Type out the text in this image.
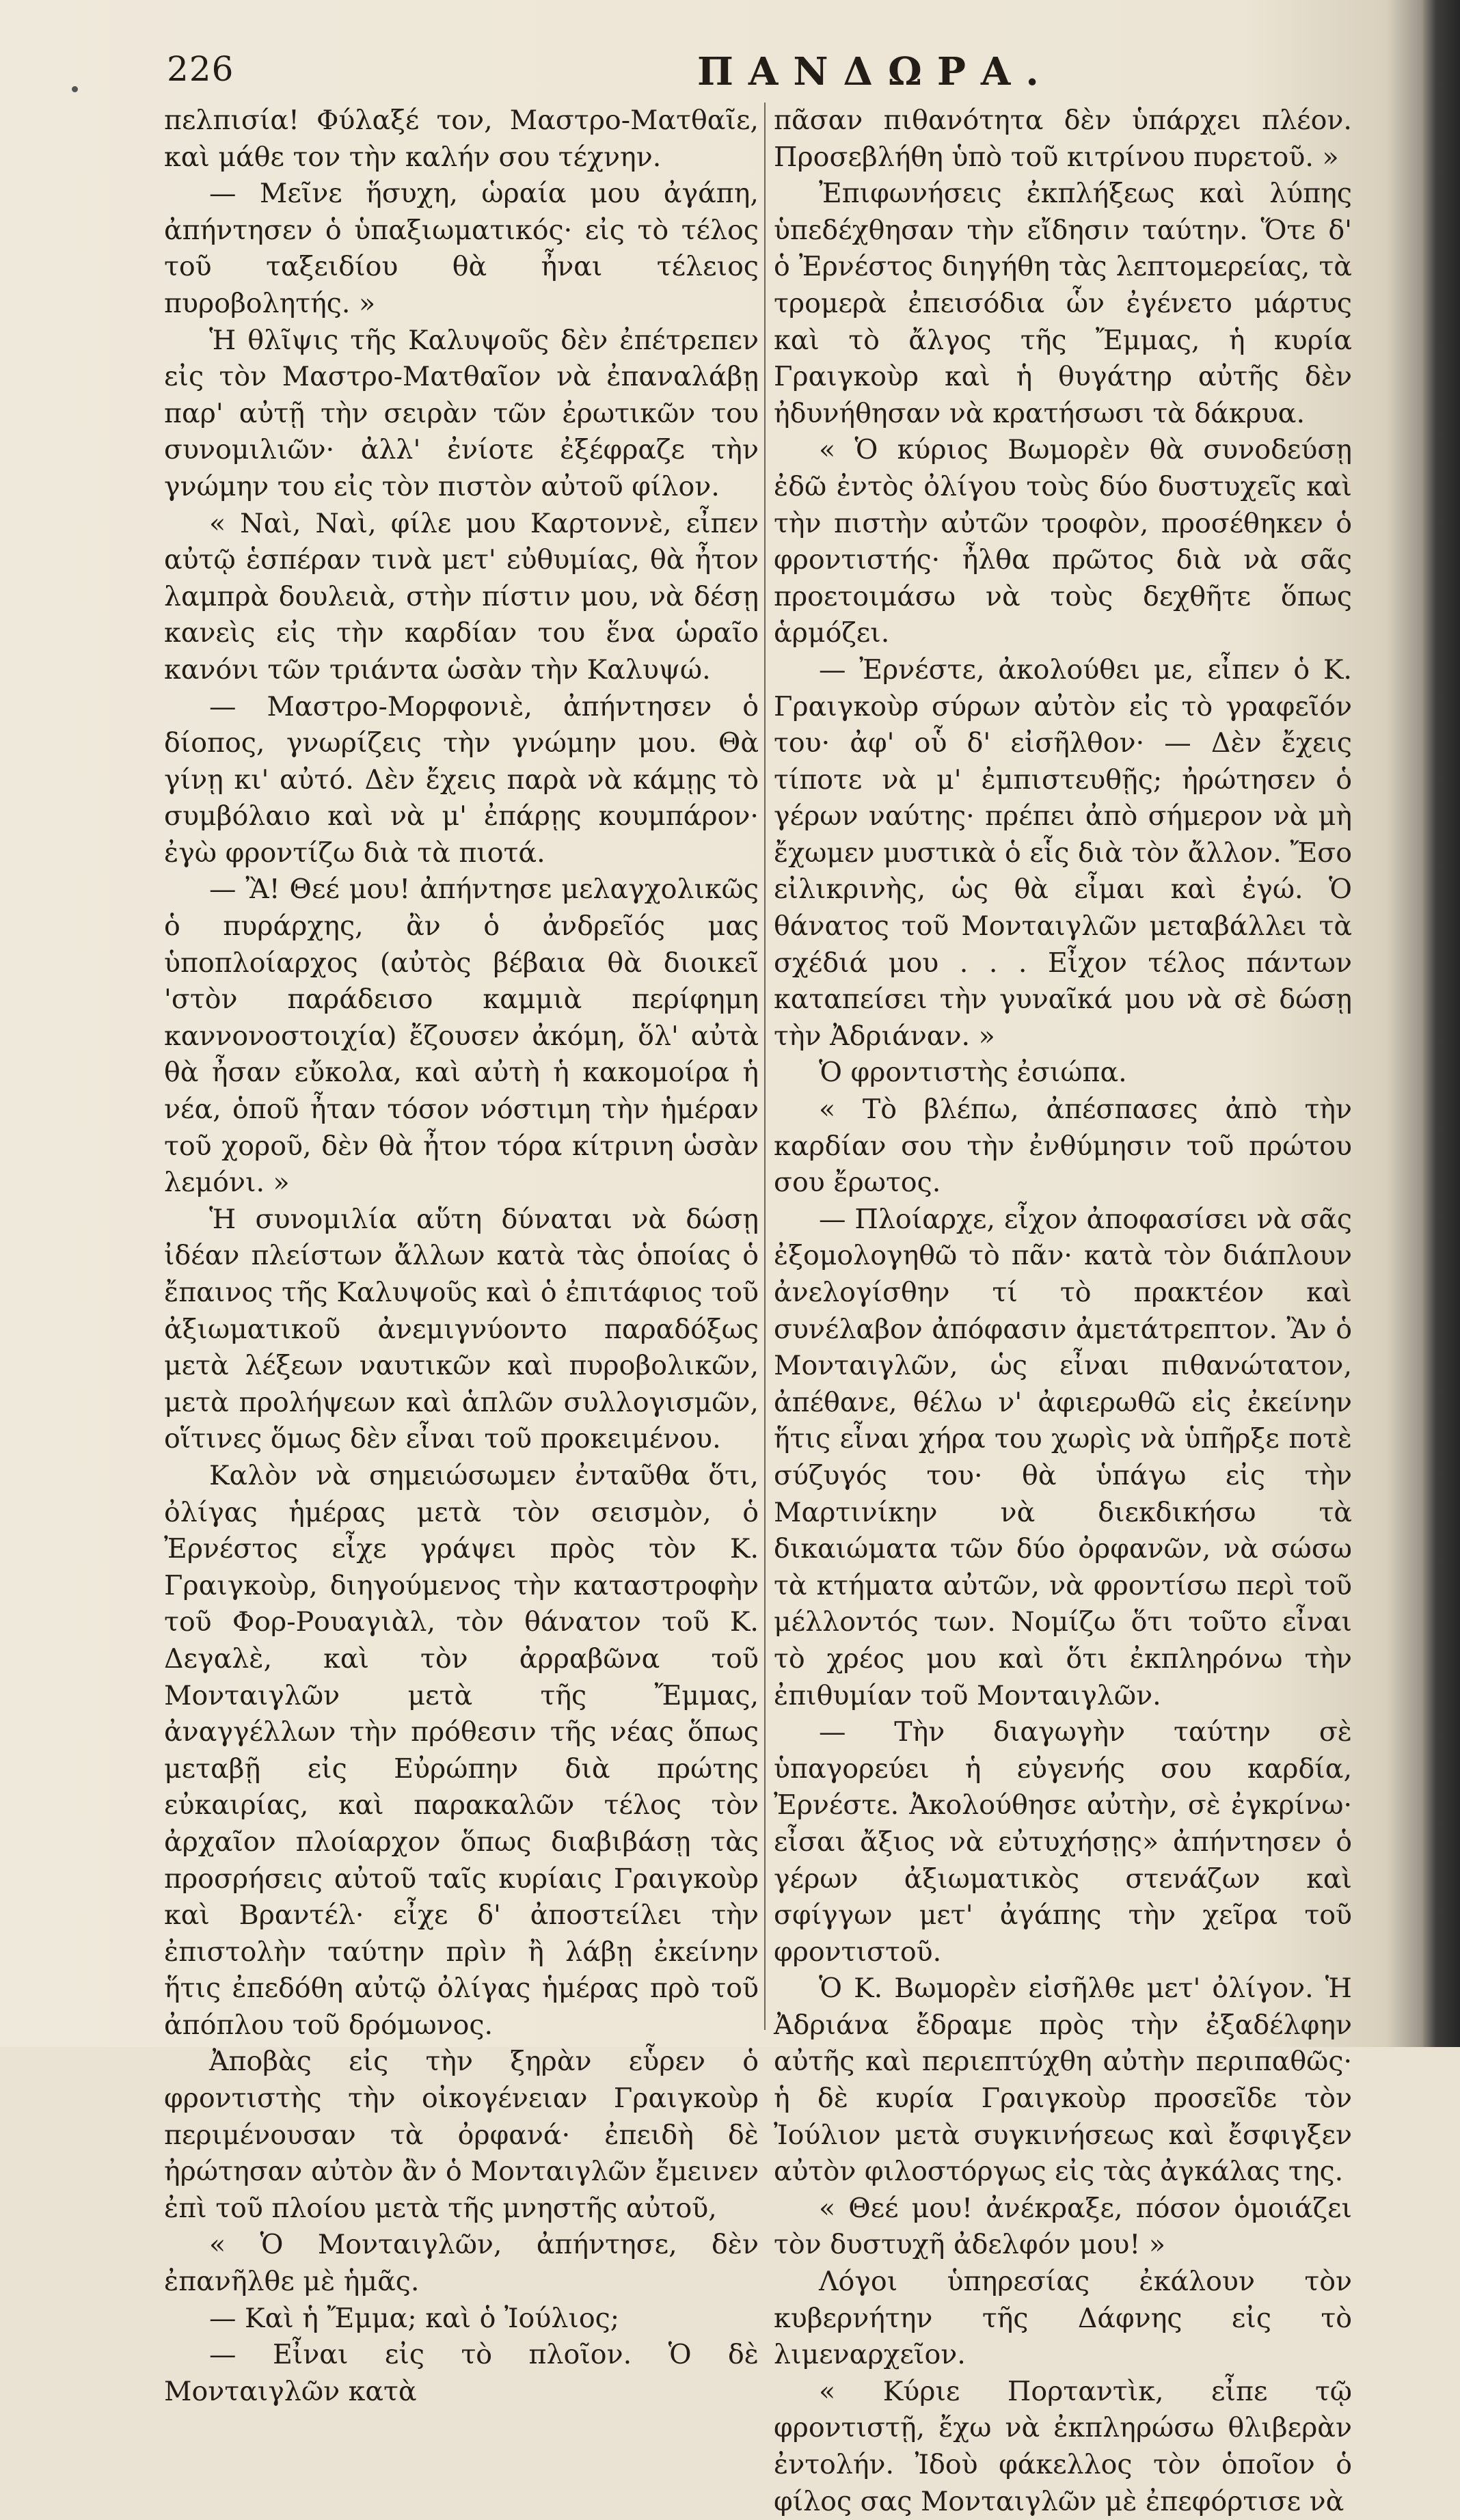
226	ΠΑΝΔΩΡΑ.

πελπισία! Φύλαξέ τον, Μαστρο-Ματθαῖε, καὶ μάθε τον τὴν καλήν σου τέχνην.

— Μεῖνε ἥσυχη, ὡραία μου ἀγάπη, ἀπήντησεν ὁ ὑπαξιωματικός· εἰς τὸ τέλος τοῦ ταξειδίου θὰ ἦναι τέλειος πυροβολητής. »

Ἡ θλῖψις τῆς Καλυψοῦς δὲν ἐπέτρεπεν εἰς τὸν Μαστρο-Ματθαῖον νὰ ἐπαναλάβῃ παρ' αὐτῇ τὴν σειρὰν τῶν ἐρωτικῶν του συνομιλιῶν· ἀλλ' ἐνίοτε ἐξέφραζε τὴν γνώμην του εἰς τὸν πιστὸν αὐτοῦ φίλον.

« Ναὶ, Ναὶ, φίλε μου Καρτοννὲ, εἶπεν αὐτῷ ἑσπέραν τινὰ μετ' εὐθυμίας, θὰ ἦτον λαμπρὰ δουλειὰ, στὴν πίστιν μου, νὰ δέσῃ κανεὶς εἰς τὴν καρδίαν του ἕνα ὡραῖο κανόνι τῶν τριάντα ὡσὰν τὴν Καλυψώ.

— Μαστρο-Μορφονιὲ, ἀπήντησεν ὁ δίοπος, γνωρίζεις τὴν γνώμην μου. Θὰ γίνῃ κι' αὐτό. Δὲν ἔχεις παρὰ νὰ κάμῃς τὸ συμβόλαιο καὶ νὰ μ' ἐπάρῃς κουμπάρον· ἐγὼ φροντίζω διὰ τὰ πιοτά.

— Ἂ! Θεέ μου! ἀπήντησε μελαγχολικῶς ὁ πυράρχης, ἂν ὁ ἀνδρεῖός μας ὑποπλοίαρχος (αὐτὸς βέβαια θὰ διοικεῖ 'στὸν παράδεισο καμμιὰ περίφημη καννονοστοιχία) ἔζουσεν ἀκόμη, ὅλ' αὐτὰ θὰ ἦσαν εὔκολα, καὶ αὐτὴ ἡ κακομοίρα ἡ νέα, ὁποῦ ἦταν τόσον νόστιμη τὴν ἡμέραν τοῦ χοροῦ, δὲν θὰ ἦτον τόρα κίτρινη ὡσὰν λεμόνι. »

Ἡ συνομιλία αὕτη δύναται νὰ δώσῃ ἰδέαν πλείστων ἄλλων κατὰ τὰς ὁποίας ὁ ἔπαινος τῆς Καλυψοῦς καὶ ὁ ἐπιτάφιος τοῦ ἀξιωματικοῦ ἀνεμιγνύοντο παραδόξως μετὰ λέξεων ναυτικῶν καὶ πυροβολικῶν, μετὰ προλήψεων καὶ ἁπλῶν συλλογισμῶν, οἵτινες ὅμως δὲν εἶναι τοῦ προκειμένου.

Καλὸν νὰ σημειώσωμεν ἐνταῦθα ὅτι, ὀλίγας ἡμέρας μετὰ τὸν σεισμὸν, ὁ Ἐρνέστος εἶχε γράψει πρὸς τὸν Κ. Γραιγκοὺρ, διηγούμενος τὴν καταστροφὴν τοῦ Φορ-Ρουαγιὰλ, τὸν θάνατον τοῦ Κ. Δεγαλὲ, καὶ τὸν ἀρραβῶνα τοῦ Μονταιγλῶν μετὰ τῆς Ἔμμας, ἀναγγέλλων τὴν πρόθεσιν τῆς νέας ὅπως μεταβῇ εἰς Εὐρώπην διὰ πρώτης εὐκαιρίας, καὶ παρακαλῶν τέλος τὸν ἀρχαῖον πλοίαρχον ὅπως διαβιβάσῃ τὰς προσρήσεις αὐτοῦ ταῖς κυρίαις Γραιγκοὺρ καὶ Βραντέλ· εἶχε δ' ἀποστείλει τὴν ἐπιστολὴν ταύτην πρὶν ἢ λάβῃ ἐκείνην ἥτις ἐπεδόθη αὐτῷ ὀλίγας ἡμέρας πρὸ τοῦ ἀπόπλου τοῦ δρόμωνος.

Ἀποβὰς εἰς τὴν ξηρὰν εὗρεν ὁ φροντιστὴς τὴν οἰκογένειαν Γραιγκοὺρ περιμένουσαν τὰ ὀρφανά· ἐπειδὴ δὲ ἠρώτησαν αὐτὸν ἂν ὁ Μονταιγλῶν ἔμεινεν ἐπὶ τοῦ πλοίου μετὰ τῆς μνηστῆς αὐτοῦ,

« Ὁ Μονταιγλῶν, ἀπήντησε, δὲν ἐπανῆλθε μὲ ἡμᾶς.

— Καὶ ἡ Ἔμμα; καὶ ὁ Ἰούλιος;

— Εἶναι εἰς τὸ πλοῖον. Ὁ δὲ Μονταιγλῶν κατὰ

πᾶσαν πιθανότητα δὲν ὑπάρχει πλέον. Προσεβλήθη ὑπὸ τοῦ κιτρίνου πυρετοῦ. »

Ἐπιφωνήσεις ἐκπλήξεως καὶ λύπης ὑπεδέχθησαν τὴν εἴδησιν ταύτην. Ὅτε δ' ὁ Ἐρνέστος διηγήθη τὰς λεπτομερείας, τὰ τρομερὰ ἐπεισόδια ὧν ἐγένετο μάρτυς καὶ τὸ ἄλγος τῆς Ἔμμας, ἡ κυρία Γραιγκοὺρ καὶ ἡ θυγάτηρ αὐτῆς δὲν ἠδυνήθησαν νὰ κρατήσωσι τὰ δάκρυα.

« Ὁ κύριος Βωμορὲν θὰ συνοδεύσῃ ἐδῶ ἐντὸς ὀλίγου τοὺς δύο δυστυχεῖς καὶ τὴν πιστὴν αὐτῶν τροφὸν, προσέθηκεν ὁ φροντιστής· ἦλθα πρῶτος διὰ νὰ σᾶς προετοιμάσω νὰ τοὺς δεχθῆτε ὅπως ἁρμόζει.

— Ἐρνέστε, ἀκολούθει με, εἶπεν ὁ Κ. Γραιγκοὺρ σύρων αὐτὸν εἰς τὸ γραφεῖόν του· ἀφ' οὗ δ' εἰσῆλθον· — Δὲν ἔχεις τίποτε νὰ μ' ἐμπιστευθῇς; ἠρώτησεν ὁ γέρων ναύτης· πρέπει ἀπὸ σήμερον νὰ μὴ ἔχωμεν μυστικὰ ὁ εἷς διὰ τὸν ἄλλον. Ἔσο εἰλικρινὴς, ὡς θὰ εἶμαι καὶ ἐγώ. Ὁ θάνατος τοῦ Μονταιγλῶν μεταβάλλει τὰ σχέδιά μου . . . Εἶχον τέλος πάντων καταπείσει τὴν γυναῖκά μου νὰ σὲ δώσῃ τὴν Ἀδριάναν. »

Ὁ φροντιστὴς ἐσιώπα.

« Τὸ βλέπω, ἀπέσπασες ἀπὸ τὴν καρδίαν σου τὴν ἐνθύμησιν τοῦ πρώτου σου ἔρωτος.

— Πλοίαρχε, εἶχον ἀποφασίσει νὰ σᾶς ἐξομολογηθῶ τὸ πᾶν· κατὰ τὸν διάπλουν ἀνελογίσθην τί τὸ πρακτέον καὶ συνέλαβον ἀπόφασιν ἀμετάτρεπτον. Ἂν ὁ Μονταιγλῶν, ὡς εἶναι πιθανώτατον, ἀπέθανε, θέλω ν' ἀφιερωθῶ εἰς ἐκείνην ἥτις εἶναι χήρα του χωρὶς νὰ ὑπῆρξε ποτὲ σύζυγός του· θὰ ὑπάγω εἰς τὴν Μαρτινίκην νὰ διεκδικήσω τὰ δικαιώματα τῶν δύο ὀρφανῶν, νὰ σώσω τὰ κτήματα αὐτῶν, νὰ φροντίσω περὶ τοῦ μέλλοντός των. Νομίζω ὅτι τοῦτο εἶναι τὸ χρέος μου καὶ ὅτι ἐκπληρόνω τὴν ἐπιθυμίαν τοῦ Μονταιγλῶν.

— Τὴν διαγωγὴν ταύτην σὲ ὑπαγορεύει ἡ εὐγενής σου καρδία, Ἐρνέστε. Ἀκολούθησε αὐτὴν, σὲ ἐγκρίνω· εἶσαι ἄξιος νὰ εὐτυχήσῃς» ἀπήντησεν ὁ γέρων ἀξιωματικὸς στενάζων καὶ σφίγγων μετ' ἀγάπης τὴν χεῖρα τοῦ φροντιστοῦ.

Ὁ Κ. Βωμορὲν εἰσῆλθε μετ' ὀλίγον. Ἡ Ἀδριάνα ἔδραμε πρὸς τὴν ἐξαδέλφην αὐτῆς καὶ περιεπτύχθη αὐτὴν περιπαθῶς· ἡ δὲ κυρία Γραιγκοὺρ προσεῖδε τὸν Ἰούλιον μετὰ συγκινήσεως καὶ ἔσφιγξεν αὐτὸν φιλοστόργως εἰς τὰς ἀγκάλας της.

« Θεέ μου! ἀνέκραξε, πόσον ὁμοιάζει τὸν δυστυχῆ ἀδελφόν μου! »

Λόγοι ὑπηρεσίας ἐκάλουν τὸν κυβερνήτην τῆς Δάφνης εἰς τὸ λιμεναρχεῖον.

« Κύριε Πορταντὶκ, εἶπε τῷ φροντιστῇ, ἔχω νὰ ἐκπληρώσω θλιβερὰν ἐντολήν. Ἰδοὺ φάκελλος τὸν ὁποῖον ὁ φίλος σας Μονταιγλῶν μὲ ἐπεφόρτισε νὰ
